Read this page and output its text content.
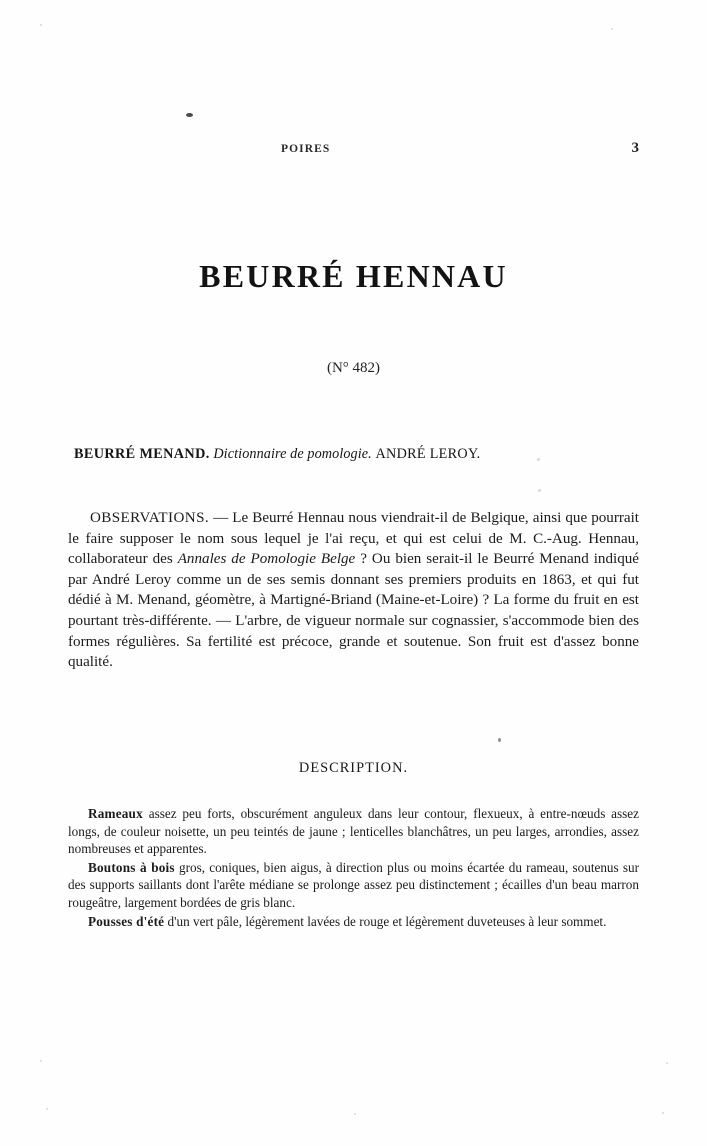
POIRES	3
BEURRÉ HENNAU
(N° 482)
BEURRÉ MENAND. Dictionnaire de pomologie. ANDRÉ LEROY.

OBSERVATIONS. — Le Beurré Hennau nous viendrait-il de Belgique, ainsi que pourrait le faire supposer le nom sous lequel je l'ai reçu, et qui est celui de M. C.-Aug. Hennau, collaborateur des Annales de Pomologie Belge ? Ou bien serait-il le Beurré Menand indiqué par André Leroy comme un de ses semis donnant ses premiers produits en 1863, et qui fut dédié à M. Menand, géomètre, à Martigné-Briand (Maine-et-Loire) ? La forme du fruit en est pourtant très-différente. — L'arbre, de vigueur normale sur cognassier, s'accommode bien des formes régulières. Sa fertilité est précoce, grande et soutenue. Son fruit est d'assez bonne qualité.

DESCRIPTION.

Rameaux assez peu forts, obscurément anguleux dans leur contour, flexueux, à entre-nœuds assez longs, de couleur noisette, un peu teintés de jaune ; lenticelles blanchâtres, un peu larges, arrondies, assez nombreuses et apparentes.

Boutons à bois gros, coniques, bien aigus, à direction plus ou moins écartée du rameau, soutenus sur des supports saillants dont l'arête médiane se prolonge assez peu distinctement ; écailles d'un beau marron rougeâtre, largement bordées de gris blanc.

Pousses d'été d'un vert pâle, légèrement lavées de rouge et légèrement duveteuses à leur sommet.
